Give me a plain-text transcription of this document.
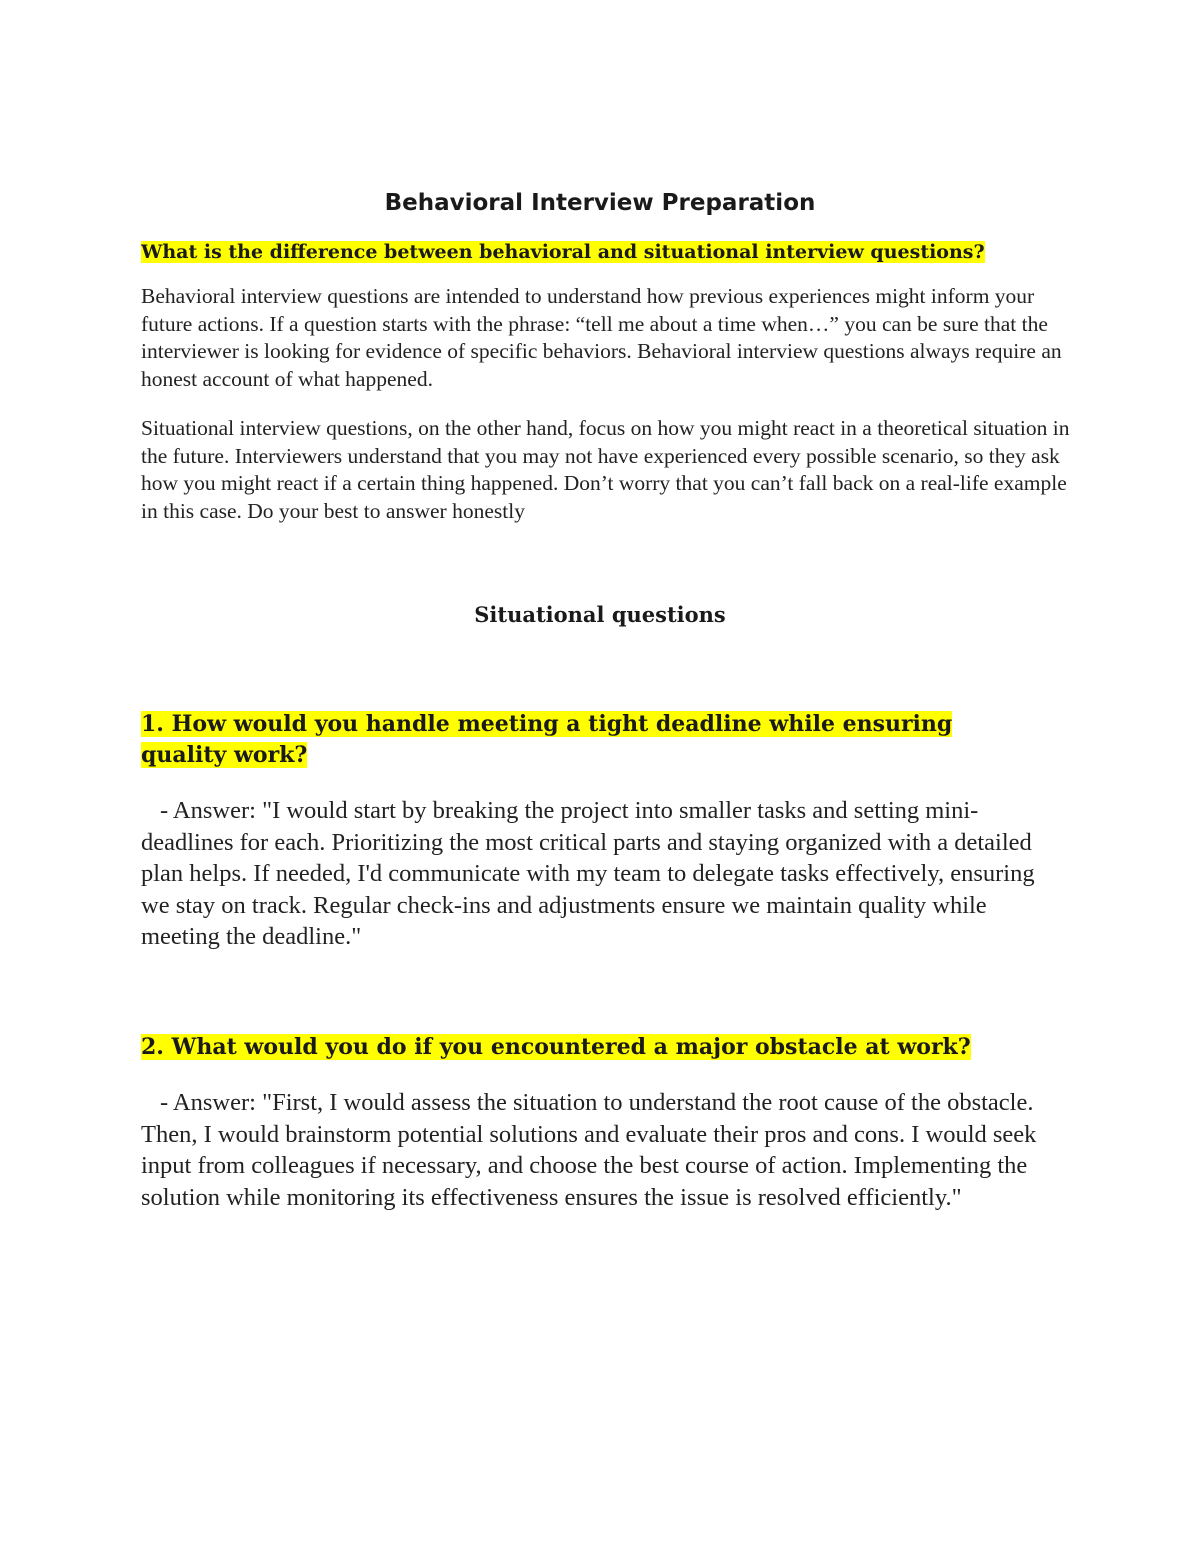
Behavioral Interview Preparation

What is the difference between behavioral and situational interview questions?

Behavioral interview questions are intended to understand how previous experiences might inform your future actions. If a question starts with the phrase: “tell me about a time when…” you can be sure that the interviewer is looking for evidence of specific behaviors. Behavioral interview questions always require an honest account of what happened.

Situational interview questions, on the other hand, focus on how you might react in a theoretical situation in the future. Interviewers understand that you may not have experienced every possible scenario, so they ask how you might react if a certain thing happened. Don’t worry that you can’t fall back on a real-life example in this case. Do your best to answer honestly

Situational questions

1. How would you handle meeting a tight deadline while ensuring quality work?

- Answer: "I would start by breaking the project into smaller tasks and setting mini-deadlines for each. Prioritizing the most critical parts and staying organized with a detailed plan helps. If needed, I'd communicate with my team to delegate tasks effectively, ensuring we stay on track. Regular check-ins and adjustments ensure we maintain quality while meeting the deadline."

2. What would you do if you encountered a major obstacle at work?

- Answer: "First, I would assess the situation to understand the root cause of the obstacle. Then, I would brainstorm potential solutions and evaluate their pros and cons. I would seek input from colleagues if necessary, and choose the best course of action. Implementing the solution while monitoring its effectiveness ensures the issue is resolved efficiently."
